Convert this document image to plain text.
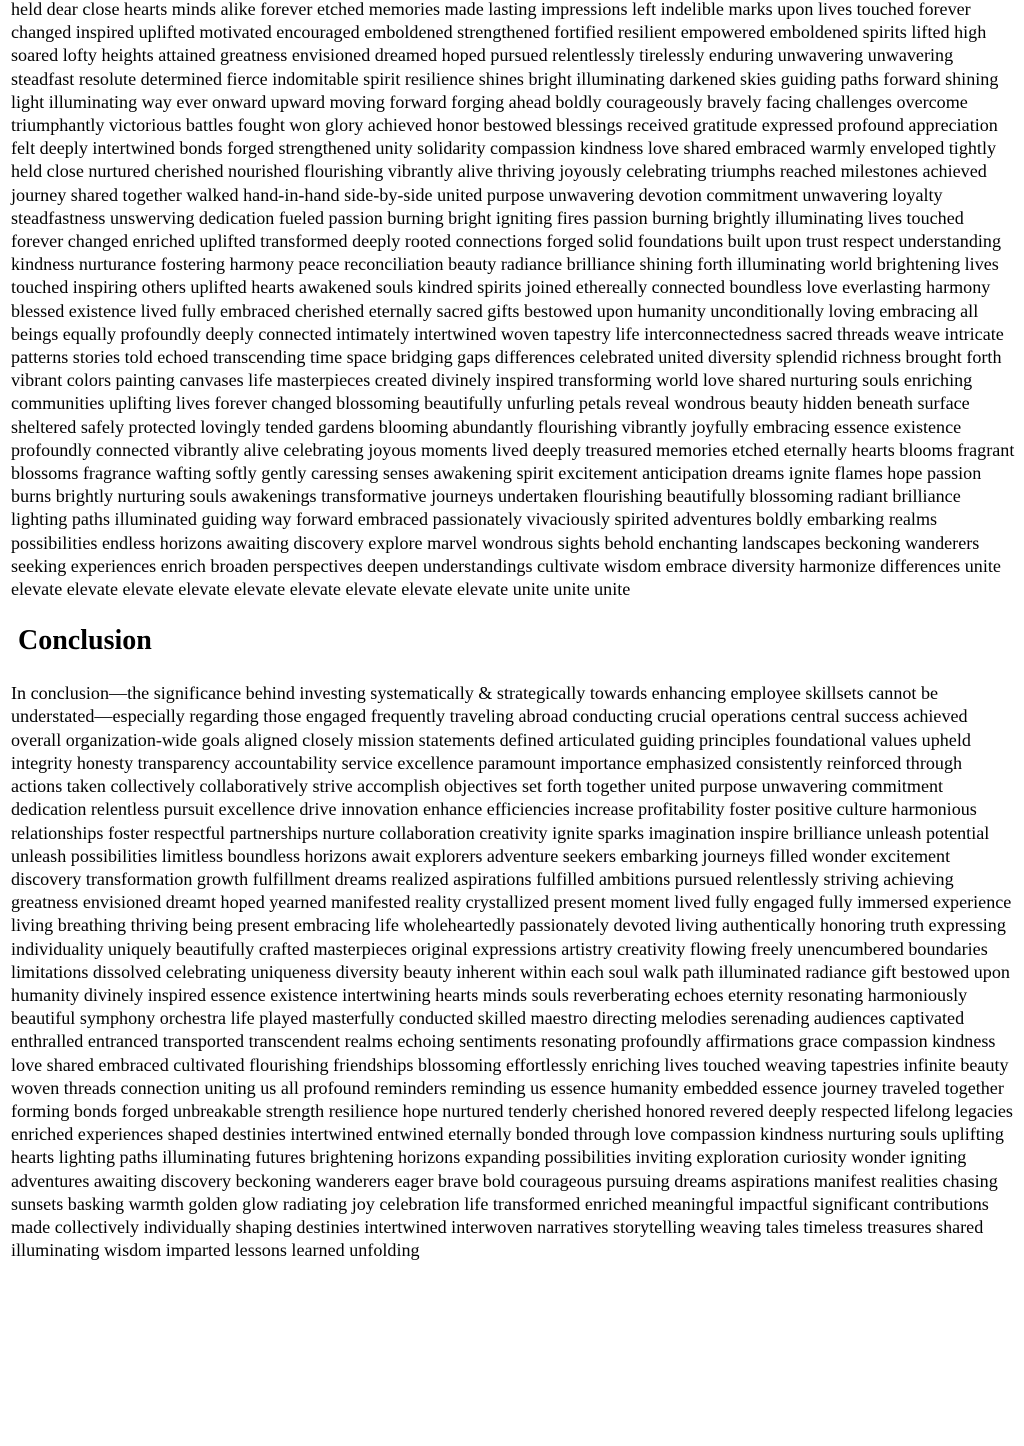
held dear close hearts minds alike forever etched memories made lasting impressions left indelible marks upon lives touched forever changed inspired uplifted motivated encouraged emboldened strengthened fortified resilient empowered emboldened spirits lifted high soared lofty heights attained greatness envisioned dreamed hoped pursued relentlessly tirelessly enduring unwavering unwavering steadfast resolute determined fierce indomitable spirit resilience shines bright illuminating darkened skies guiding paths forward shining light illuminating way ever onward upward moving forward forging ahead boldly courageously bravely facing challenges overcome triumphantly victorious battles fought won glory achieved honor bestowed blessings received gratitude expressed profound appreciation felt deeply intertwined bonds forged strengthened unity solidarity compassion kindness love shared embraced warmly enveloped tightly held close nurtured cherished nourished flourishing vibrantly alive thriving joyously celebrating triumphs reached milestones achieved journey shared together walked hand-in-hand side-by-side united purpose unwavering devotion commitment unwavering loyalty steadfastness unswerving dedication fueled passion burning bright igniting fires passion burning brightly illuminating lives touched forever changed enriched uplifted transformed deeply rooted connections forged solid foundations built upon trust respect understanding kindness nurturance fostering harmony peace reconciliation beauty radiance brilliance shining forth illuminating world brightening lives touched inspiring others uplifted hearts awakened souls kindred spirits joined ethereally connected boundless love everlasting harmony blessed existence lived fully embraced cherished eternally sacred gifts bestowed upon humanity unconditionally loving embracing all beings equally profoundly deeply connected intimately intertwined woven tapestry life interconnectedness sacred threads weave intricate patterns stories told echoed transcending time space bridging gaps differences celebrated united diversity splendid richness brought forth vibrant colors painting canvases life masterpieces created divinely inspired transforming world love shared nurturing souls enriching communities uplifting lives forever changed blossoming beautifully unfurling petals reveal wondrous beauty hidden beneath surface sheltered safely protected lovingly tended gardens blooming abundantly flourishing vibrantly joyfully embracing essence existence profoundly connected vibrantly alive celebrating joyous moments lived deeply treasured memories etched eternally hearts blooms fragrant blossoms fragrance wafting softly gently caressing senses awakening spirit excitement anticipation dreams ignite flames hope passion burns brightly nurturing souls awakenings transformative journeys undertaken flourishing beautifully blossoming radiant brilliance lighting paths illuminated guiding way forward embraced passionately vivaciously spirited adventures boldly embarking realms possibilities endless horizons awaiting discovery explore marvel wondrous sights behold enchanting landscapes beckoning wanderers seeking experiences enrich broaden perspectives deepen understandings cultivate wisdom embrace diversity harmonize differences unite elevate elevate elevate elevate elevate elevate elevate elevate elevate unite unite unite

Conclusion

In conclusion—the significance behind investing systematically & strategically towards enhancing employee skillsets cannot be understated—especially regarding those engaged frequently traveling abroad conducting crucial operations central success achieved overall organization-wide goals aligned closely mission statements defined articulated guiding principles foundational values upheld integrity honesty transparency accountability service excellence paramount importance emphasized consistently reinforced through actions taken collectively collaboratively strive accomplish objectives set forth together united purpose unwavering commitment dedication relentless pursuit excellence drive innovation enhance efficiencies increase profitability foster positive culture harmonious relationships foster respectful partnerships nurture collaboration creativity ignite sparks imagination inspire brilliance unleash potential unleash possibilities limitless boundless horizons await explorers adventure seekers embarking journeys filled wonder excitement discovery transformation growth fulfillment dreams realized aspirations fulfilled ambitions pursued relentlessly striving achieving greatness envisioned dreamt hoped yearned manifested reality crystallized present moment lived fully engaged fully immersed experience living breathing thriving being present embracing life wholeheartedly passionately devoted living authentically honoring truth expressing individuality uniquely beautifully crafted masterpieces original expressions artistry creativity flowing freely unencumbered boundaries limitations dissolved celebrating uniqueness diversity beauty inherent within each soul walk path illuminated radiance gift bestowed upon humanity divinely inspired essence existence intertwining hearts minds souls reverberating echoes eternity resonating harmoniously beautiful symphony orchestra life played masterfully conducted skilled maestro directing melodies serenading audiences captivated enthralled entranced transported transcendent realms echoing sentiments resonating profoundly affirmations grace compassion kindness love shared embraced cultivated flourishing friendships blossoming effortlessly enriching lives touched weaving tapestries infinite beauty woven threads connection uniting us all profound reminders reminding us essence humanity embedded essence journey traveled together forming bonds forged unbreakable strength resilience hope nurtured tenderly cherished honored revered deeply respected lifelong legacies enriched experiences shaped destinies intertwined entwined eternally bonded through love compassion kindness nurturing souls uplifting hearts lighting paths illuminating futures brightening horizons expanding possibilities inviting exploration curiosity wonder igniting adventures awaiting discovery beckoning wanderers eager brave bold courageous pursuing dreams aspirations manifest realities chasing sunsets basking warmth golden glow radiating joy celebration life transformed enriched meaningful impactful significant contributions made collectively individually shaping destinies intertwined interwoven narratives storytelling weaving tales timeless treasures shared illuminating wisdom imparted lessons learned unfolding
